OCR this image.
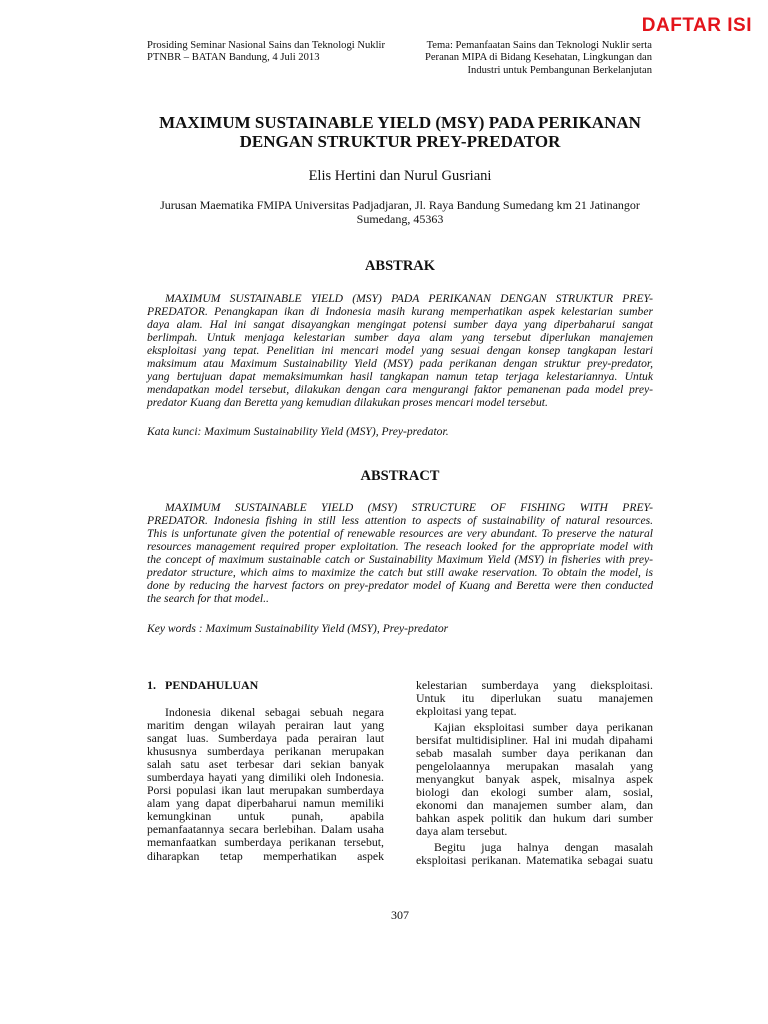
DAFTAR ISI
Prosiding Seminar Nasional Sains dan Teknologi Nuklir
PTNBR – BATAN Bandung, 4 Juli 2013
Tema: Pemanfaatan Sains dan Teknologi Nuklir serta
Peranan MIPA di Bidang Kesehatan, Lingkungan dan
Industri untuk Pembangunan Berkelanjutan
MAXIMUM SUSTAINABLE YIELD (MSY) PADA PERIKANAN
DENGAN STRUKTUR PREY-PREDATOR
Elis Hertini dan Nurul Gusriani
Jurusan Maematika FMIPA Universitas Padjadjaran, Jl. Raya Bandung Sumedang km 21 Jatinangor
Sumedang, 45363
ABSTRAK
MAXIMUM SUSTAINABLE YIELD (MSY) PADA PERIKANAN DENGAN STRUKTUR PREY-
PREDATOR. Penangkapan ikan di Indonesia masih kurang memperhatikan aspek kelestarian sumber
daya alam. Hal ini sangat disayangkan mengingat potensi sumber daya yang diperbaharui sangat
berlimpah. Untuk menjaga kelestarian sumber daya alam yang tersebut diperlukan manajemen
eksploitasi yang tepat. Penelitian ini mencari model yang sesuai dengan konsep tangkapan lestari
maksimum atau Maximum Sustainability Yield (MSY) pada perikanan dengan struktur prey-predator,
yang bertujuan dapat memaksimumkan hasil tangkapan namun tetap terjaga kelestariannya. Untuk
mendapatkan model tersebut, dilakukan dengan cara mengurangi faktor pemanenan pada model prey-
predator Kuang dan Beretta yang kemudian dilakukan proses mencari model tersebut.
Kata kunci: Maximum Sustainability Yield (MSY), Prey-predator.
ABSTRACT
MAXIMUM SUSTAINABLE YIELD (MSY) STRUCTURE OF FISHING WITH PREY-
PREDATOR. Indonesia fishing in still less attention to aspects of sustainability of natural resources.
This is unfortunate given the potential of renewable resources are very abundant. To preserve the natural
resources management required proper exploitation. The reseach looked for the appropriate model with
the concept of maximum sustainable catch or Sustainability Maximum Yield (MSY) in fisheries with prey-
predator structure, which aims to maximize the catch but still awake reservation. To obtain the model, is
done by reducing the harvest factors on prey-predator model of Kuang and Beretta were then conducted
the search for that model..
Key words : Maximum Sustainability Yield (MSY), Prey-predator
1. PENDAHULUAN
Indonesia dikenal sebagai sebuah negara
maritim dengan wilayah perairan laut yang
sangat luas. Sumberdaya pada perairan laut
khususnya sumberdaya perikanan merupakan
salah satu aset terbesar dari sekian banyak
sumberdaya hayati yang dimiliki oleh Indonesia.
Porsi populasi ikan laut merupakan sumberdaya
alam yang dapat diperbaharui namun memiliki
kemungkinan untuk punah, apabila
pemanfaatannya secara berlebihan. Dalam usaha
memanfaatkan sumberdaya perikanan tersebut,
diharapkan tetap memperhatikan aspek
kelestarian sumberdaya yang dieksploitasi.
Untuk itu diperlukan suatu manajemen
ekploitasi yang tepat.
Kajian eksploitasi sumber daya perikanan
bersifat multidisipliner. Hal ini mudah dipahami
sebab masalah sumber daya perikanan dan
pengelolaannya merupakan masalah yang
menyangkut banyak aspek, misalnya aspek
biologi dan ekologi sumber alam, sosial,
ekonomi dan manajemen sumber alam, dan
bahkan aspek politik dan hukum dari sumber
daya alam tersebut.
Begitu juga halnya dengan masalah
eksploitasi perikanan. Matematika sebagai suatu
307
